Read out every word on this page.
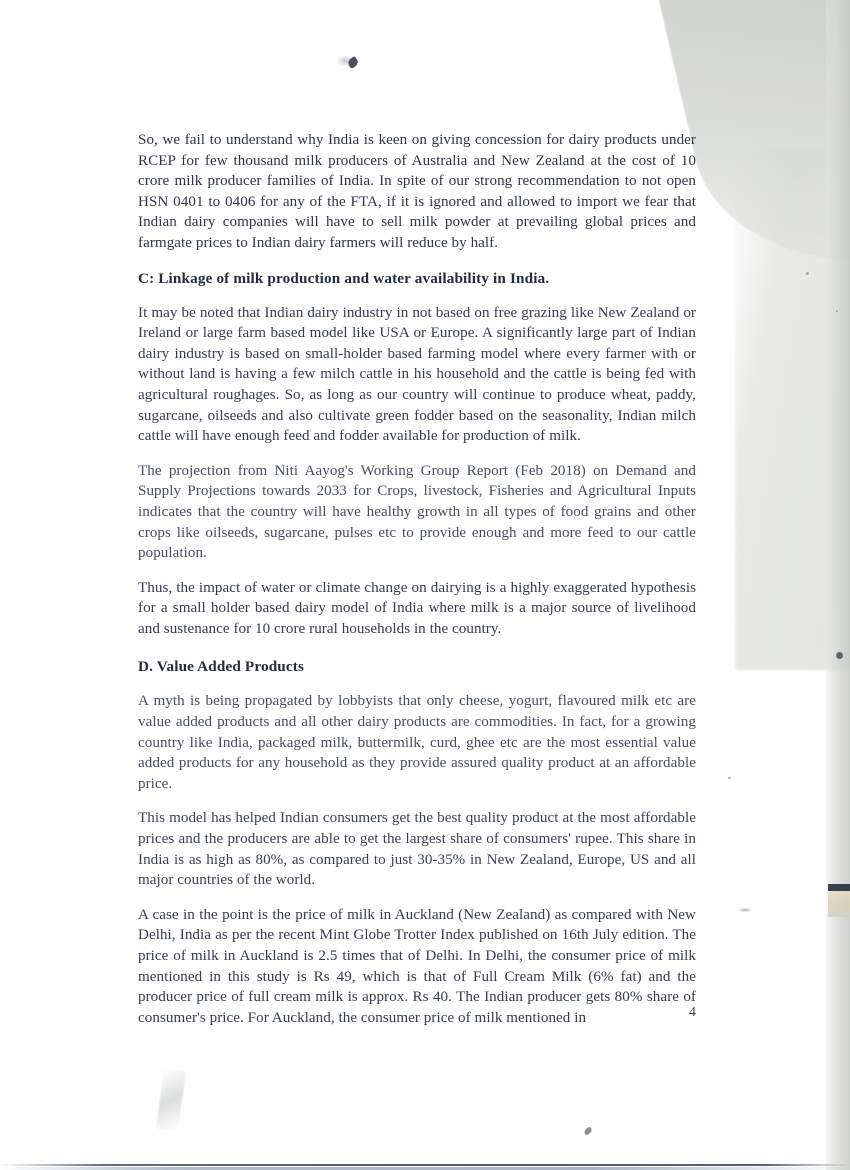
So, we fail to understand why India is keen on giving concession for dairy products under RCEP for few thousand milk producers of Australia and New Zealand at the cost of 10 crore milk producer families of India. In spite of our strong recommendation to not open HSN 0401 to 0406 for any of the FTA, if it is ignored and allowed to import we fear that Indian dairy companies will have to sell milk powder at prevailing global prices and farmgate prices to Indian dairy farmers will reduce by half.

C: Linkage of milk production and water availability in India.

It may be noted that Indian dairy industry in not based on free grazing like New Zealand or Ireland or large farm based model like USA or Europe. A significantly large part of Indian dairy industry is based on small-holder based farming model where every farmer with or without land is having a few milch cattle in his household and the cattle is being fed with agricultural roughages. So, as long as our country will continue to produce wheat, paddy, sugarcane, oilseeds and also cultivate green fodder based on the seasonality, Indian milch cattle will have enough feed and fodder available for production of milk.

The projection from Niti Aayog's Working Group Report (Feb 2018) on Demand and Supply Projections towards 2033 for Crops, livestock, Fisheries and Agricultural Inputs indicates that the country will have healthy growth in all types of food grains and other crops like oilseeds, sugarcane, pulses etc to provide enough and more feed to our cattle population.

Thus, the impact of water or climate change on dairying is a highly exaggerated hypothesis for a small holder based dairy model of India where milk is a major source of livelihood and sustenance for 10 crore rural households in the country.

D. Value Added Products

A myth is being propagated by lobbyists that only cheese, yogurt, flavoured milk etc are value added products and all other dairy products are commodities. In fact, for a growing country like India, packaged milk, buttermilk, curd, ghee etc are the most essential value added products for any household as they provide assured quality product at an affordable price.

This model has helped Indian consumers get the best quality product at the most affordable prices and the producers are able to get the largest share of consumers' rupee. This share in India is as high as 80%, as compared to just 30-35% in New Zealand, Europe, US and all major countries of the world.

A case in the point is the price of milk in Auckland (New Zealand) as compared with New Delhi, India as per the recent Mint Globe Trotter Index published on 16th July edition. The price of milk in Auckland is 2.5 times that of Delhi. In Delhi, the consumer price of milk mentioned in this study is Rs 49, which is that of Full Cream Milk (6% fat) and the producer price of full cream milk is approx. Rs 40. The Indian producer gets 80% share of consumer's price. For Auckland, the consumer price of milk mentioned in	4
